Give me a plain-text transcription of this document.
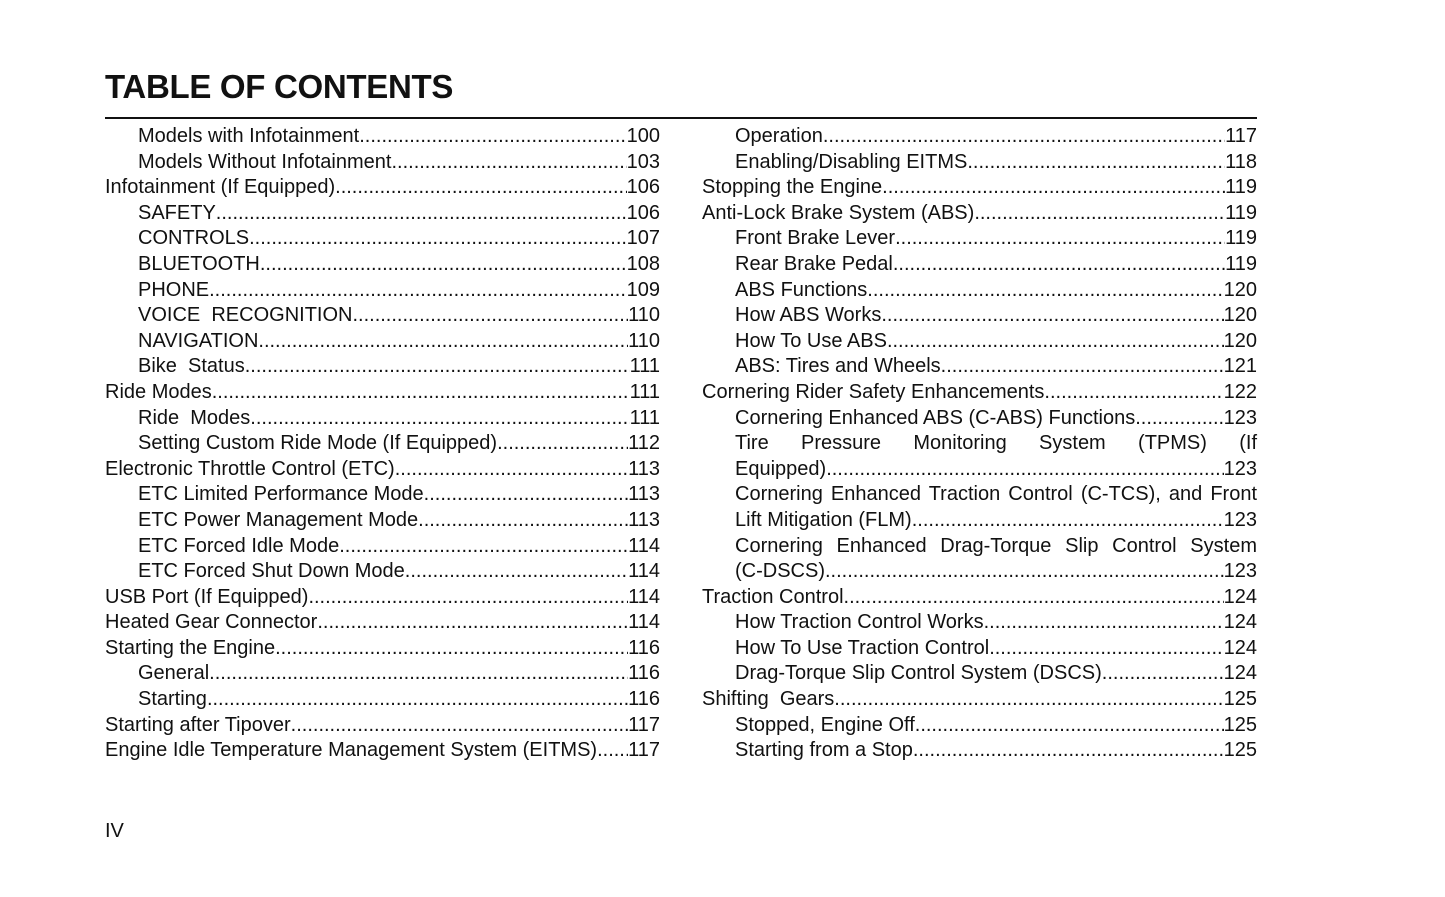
TABLE OF CONTENTS
Models with Infotainment .....	100
Models Without Infotainment .....	103
Infotainment (If Equipped) .....	106
SAFETY .....	106
CONTROLS .....	107
BLUETOOTH .....	108
PHONE .....	109
VOICE  RECOGNITION .....	110
NAVIGATION .....	110
Bike  Status .....	111
Ride Modes .....	111
Ride  Modes .....	111
Setting Custom Ride Mode (If Equipped) .....	112
Electronic Throttle Control (ETC) .....	113
ETC Limited Performance Mode .....	113
ETC Power Management Mode .....	113
ETC Forced Idle Mode .....	114
ETC Forced Shut Down Mode .....	114
USB Port (If Equipped) .....	114
Heated Gear Connector .....	114
Starting the Engine .....	116
General .....	116
Starting .....	116
Starting after Tipover .....	117
Engine Idle Temperature Management System (EITMS) ..... 117
Operation .....	117
Enabling/Disabling EITMS .....	118
Stopping the Engine .....	119
Anti-Lock Brake System (ABS) .....	119
Front Brake Lever .....	119
Rear Brake Pedal .....	119
ABS Functions .....	120
How ABS Works .....	120
How To Use ABS .....	120
ABS: Tires and Wheels .....	121
Cornering Rider Safety Enhancements .....	122
Cornering Enhanced ABS (C-ABS) Functions .....	123
Tire    Pressure    Monitoring    System    (TPMS)    (If
Equipped) .....	123
Cornering Enhanced Traction Control (C-TCS), and Front
Lift Mitigation (FLM) .....	123
Cornering  Enhanced  Drag-Torque  Slip  Control  System
(C-DSCS) .....	123
Traction Control .....	124
How Traction Control Works .....	124
How To Use Traction Control .....	124
Drag-Torque Slip Control System (DSCS) .....	124
Shifting  Gears .....	125
Stopped, Engine Off .....	125
Starting from a Stop .....	125
IV
